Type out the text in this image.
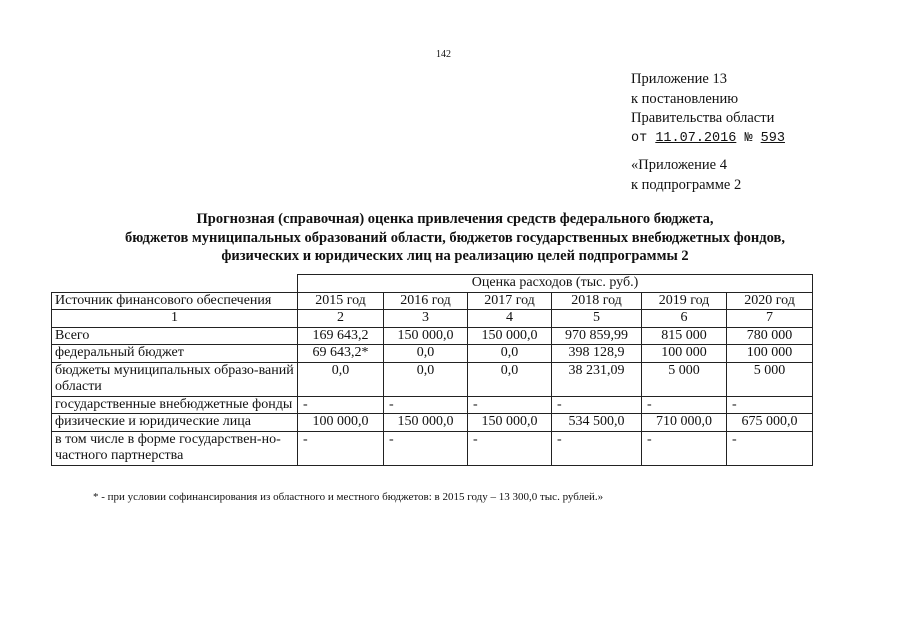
142
Приложение 13
к постановлению
Правительства области
от 11.07.2016 № 593
«Приложение 4
к подпрограмме 2
Прогнозная (справочная) оценка привлечения средств федерального бюджета,
бюджетов муниципальных образований области, бюджетов государственных внебюджетных фондов,
физических и юридических лиц на реализацию целей подпрограммы 2
	Оценка расходов (тыс. руб.)					
Источник финансового обеспечения	2015 год	2016 год	2017 год	2018 год	2019 год	2020 год
1	2	3	4	5	6	7
Всего	169 643,2	150 000,0	150 000,0	970 859,99	815 000	780 000
федеральный бюджет	69 643,2*	0,0	0,0	398 128,9	100 000	100 000
бюджеты муниципальных образо-ваний области	0,0	0,0	0,0	38 231,09	5 000	5 000
государственные внебюджетные фонды	-	-	-	-	-	-
физические и юридические лица	100 000,0	150 000,0	150 000,0	534 500,0	710 000,0	675 000,0
в том числе в форме государствен-но-частного партнерства	-	-	-	-	-	-
* - при условии софинансирования из областного и местного бюджетов: в 2015 году – 13 300,0 тыс. рублей.»
